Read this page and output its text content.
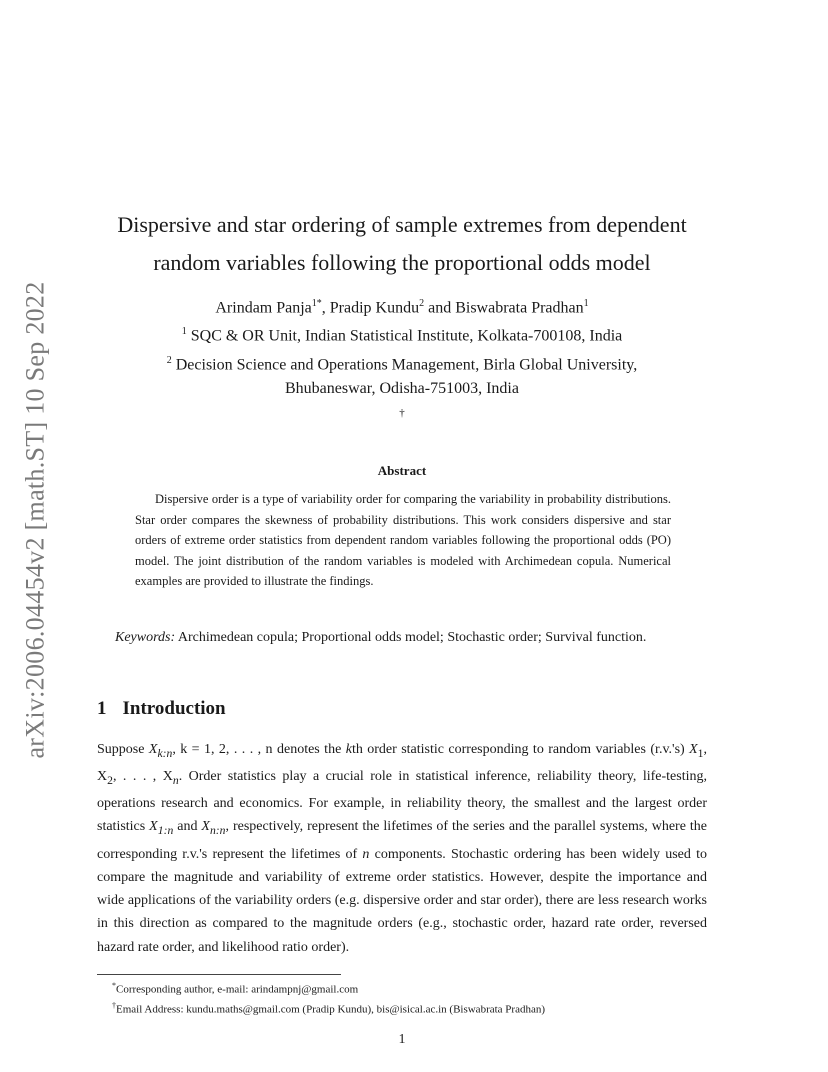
arXiv:2006.04454v2 [math.ST] 10 Sep 2022
Dispersive and star ordering of sample extremes from dependent
random variables following the proportional odds model
Arindam Panja$^{1*}$, Pradip Kundu$^2$ and Biswabrata Pradhan$^1$
$^1$ SQC & OR Unit, Indian Statistical Institute, Kolkata-700108, India
$^2$ Decision Science and Operations Management, Birla Global University,
Bhubaneswar, Odisha-751003, India
†
Abstract
Dispersive order is a type of variability order for comparing the variability in probability distributions. Star order compares the skewness of probability distributions. This work considers dispersive and star orders of extreme order statistics from dependent random variables following the proportional odds (PO) model. The joint distribution of the random variables is modeled with Archimedean copula. Numerical examples are provided to illustrate the findings.
Keywords: Archimedean copula; Proportional odds model; Stochastic order; Survival function.
1 Introduction
Suppose $X_{k:n}$, k = 1, 2, . . . , n denotes the kth order statistic corresponding to random variables (r.v.'s) $X_1$, $X_2$, . . . , $X_n$. Order statistics play a crucial role in statistical inference, reliability theory, life-testing, operations research and economics. For example, in reliability theory, the smallest and the largest order statistics $X_{1:n}$ and $X_{n:n}$, respectively, represent the lifetimes of the series and the parallel systems, where the corresponding r.v.'s represent the lifetimes of n components. Stochastic ordering has been widely used to compare the magnitude and variability of extreme order statistics. However, despite the importance and wide applications of the variability orders (e.g. dispersive order and star order), there are less research works in this direction as compared to the magnitude orders (e.g., stochastic order, hazard rate order, reversed hazard rate order, and likelihood ratio order).
*Corresponding author, e-mail: arindampnj@gmail.com
†Email Address: kundu.maths@gmail.com (Pradip Kundu), bis@isical.ac.in (Biswabrata Pradhan)
1
